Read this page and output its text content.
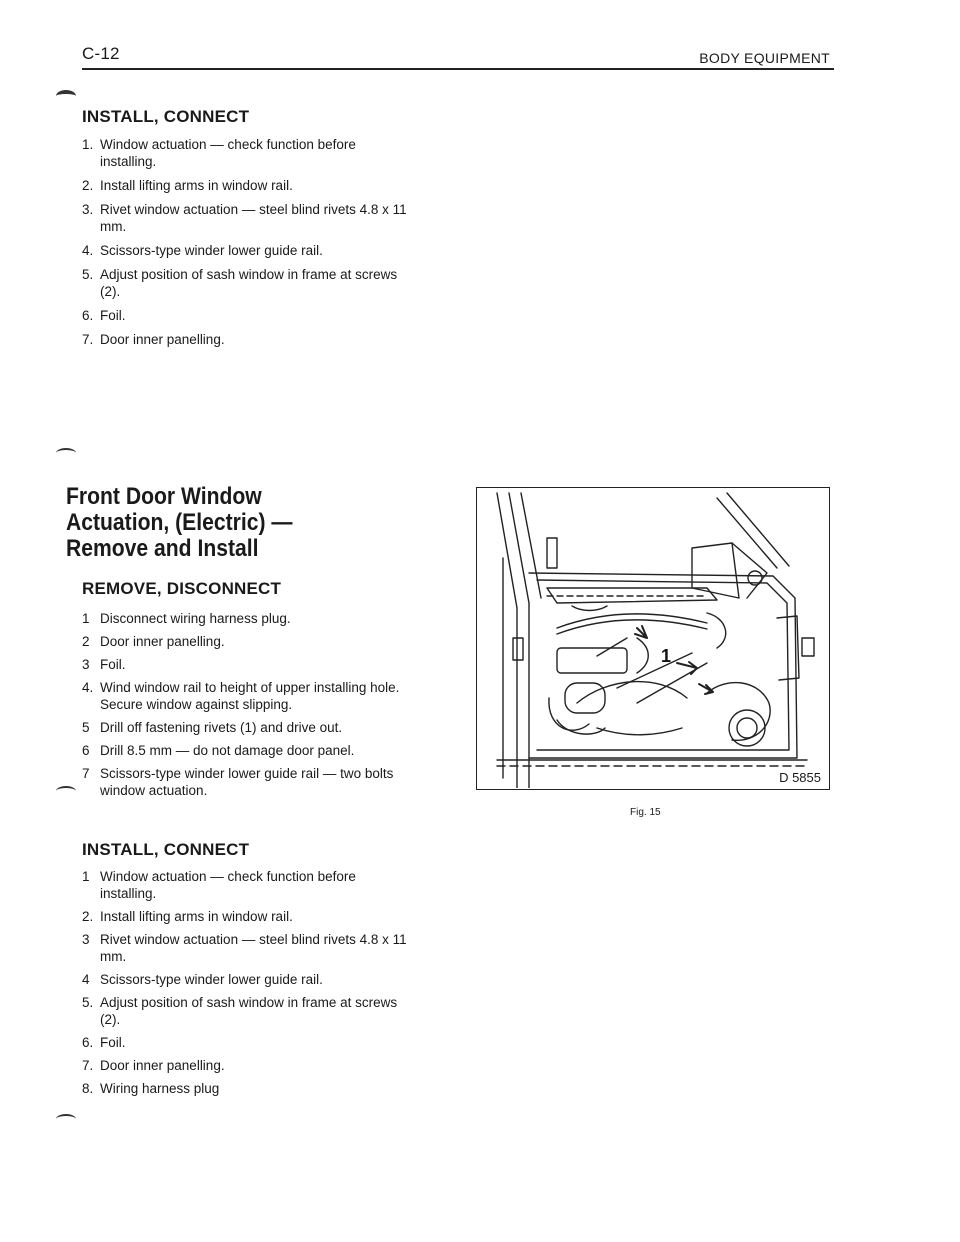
C-12	BODY EQUIPMENT
INSTALL, CONNECT
1. Window actuation — check function before installing.
2. Install lifting arms in window rail.
3. Rivet window actuation — steel blind rivets 4.8 x 11 mm.
4. Scissors-type winder lower guide rail.
5. Adjust position of sash window in frame at screws (2).
6. Foil.
7. Door inner panelling.
Front Door Window
Actuation, (Electric) —
Remove and Install
REMOVE, DISCONNECT
1 Disconnect wiring harness plug.
2 Door inner panelling.
3 Foil.
4. Wind window rail to height of upper installing hole. Secure window against slipping.
5 Drill off fastening rivets (1) and drive out.
6 Drill 8.5 mm — do not damage door panel.
7 Scissors-type winder lower guide rail — two bolts window actuation.
INSTALL, CONNECT
1 Window actuation — check function before installing.
2. Install lifting arms in window rail.
3 Rivet window actuation — steel blind rivets 4.8 x 11 mm.
4 Scissors-type winder lower guide rail.
5. Adjust position of sash window in frame at screws (2).
6. Foil.
7. Door inner panelling.
8. Wiring harness plug
1
D 5855
Fig. 15
